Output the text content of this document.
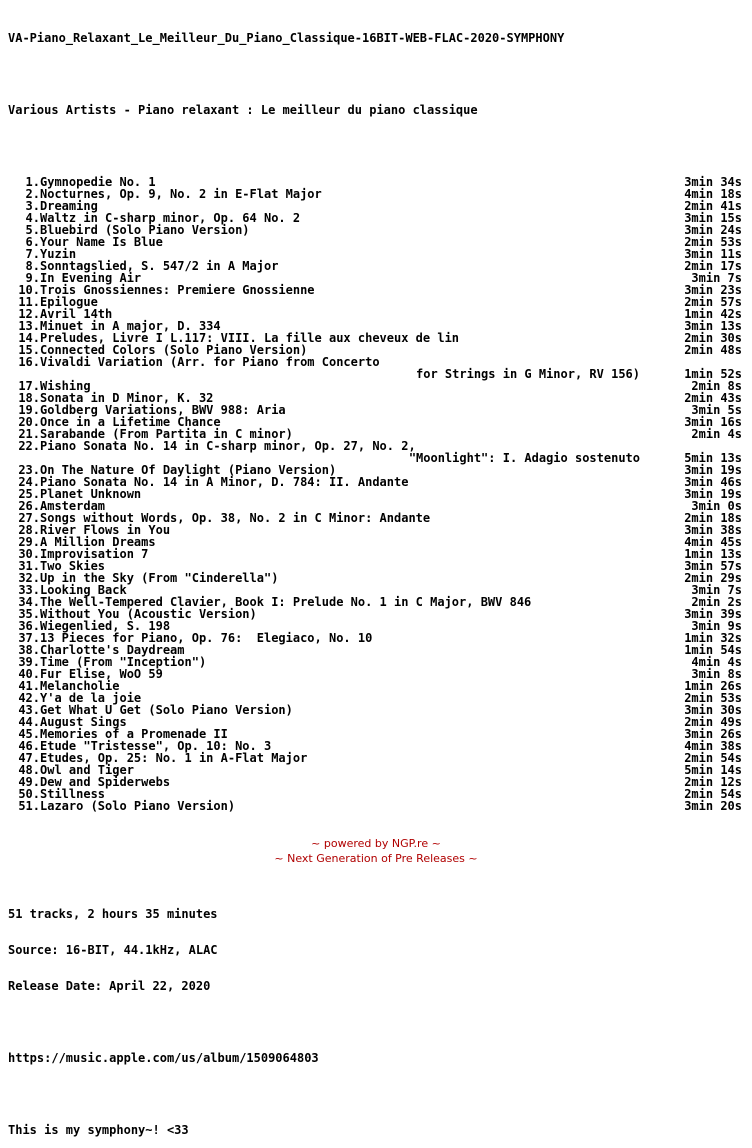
VA-Piano_Relaxant_Le_Meilleur_Du_Piano_Classique-16BIT-WEB-FLAC-2020-SYMPHONY

Various Artists - Piano relaxant : Le meilleur du piano classique

1.Gymnopedie No. 1	3min 34s
2.Nocturnes, Op. 9, No. 2 in E-Flat Major	4min 18s
3.Dreaming	2min 41s
4.Waltz in C-sharp minor, Op. 64 No. 2	3min 15s
5.Bluebird (Solo Piano Version)	3min 24s
6.Your Name Is Blue	2min 53s
7.Yuzin	3min 11s
8.Sonntagslied, S. 547/2 in A Major	2min 17s
9.In Evening Air	3min 7s
10.Trois Gnossiennes: Premiere Gnossienne	3min 23s
11.Epilogue	2min 57s
12.Avril 14th	1min 42s
13.Minuet in A major, D. 334	3min 13s
14.Preludes, Livre I L.117: VIII. La fille aux cheveux de lin	2min 30s
15.Connected Colors (Solo Piano Version)	2min 48s
16.Vivaldi Variation (Arr. for Piano from Concerto
for Strings in G Minor, RV 156)	1min 52s
17.Wishing	2min 8s
18.Sonata in D Minor, K. 32	2min 43s
19.Goldberg Variations, BWV 988: Aria	3min 5s
20.Once in a Lifetime Chance	3min 16s
21.Sarabande (From Partita in C minor)	2min 4s
22.Piano Sonata No. 14 in C-sharp minor, Op. 27, No. 2,
"Moonlight": I. Adagio sostenuto	5min 13s
23.On The Nature Of Daylight (Piano Version)	3min 19s
24.Piano Sonata No. 14 in A Minor, D. 784: II. Andante	3min 46s
25.Planet Unknown	3min 19s
26.Amsterdam	3min 0s
27.Songs without Words, Op. 38, No. 2 in C Minor: Andante	2min 18s
28.River Flows in You	3min 38s
29.A Million Dreams	4min 45s
30.Improvisation 7	1min 13s
31.Two Skies	3min 57s
32.Up in the Sky (From "Cinderella")	2min 29s
33.Looking Back	3min 7s
34.The Well-Tempered Clavier, Book I: Prelude No. 1 in C Major, BWV 846	2min 2s
35.Without You (Acoustic Version)	3min 39s
36.Wiegenlied, S. 198	3min 9s
37.13 Pieces for Piano, Op. 76:  Elegiaco, No. 10	1min 32s
38.Charlotte's Daydream	1min 54s
39.Time (From "Inception")	4min 4s
40.Fur Elise, WoO 59	3min 8s
41.Melancholie	1min 26s
42.Y'a de la joie	2min 53s
43.Get What U Get (Solo Piano Version)	3min 30s
44.August Sings	2min 49s
45.Memories of a Promenade II	3min 26s
46.Etude "Tristesse", Op. 10: No. 3	4min 38s
47.Etudes, Op. 25: No. 1 in A-Flat Major	2min 54s
48.Owl and Tiger	5min 14s
49.Dew and Spiderwebs	2min 12s
50.Stillness	2min 54s
51.Lazaro (Solo Piano Version)	3min 20s

51 tracks, 2 hours 35 minutes

Source: 16-BIT, 44.1kHz, ALAC

Release Date: April 22, 2020

https://music.apple.com/us/album/1509064803

This is my symphony~! <33

~ powered by NGP.re ~
~ Next Generation of Pre Releases ~
